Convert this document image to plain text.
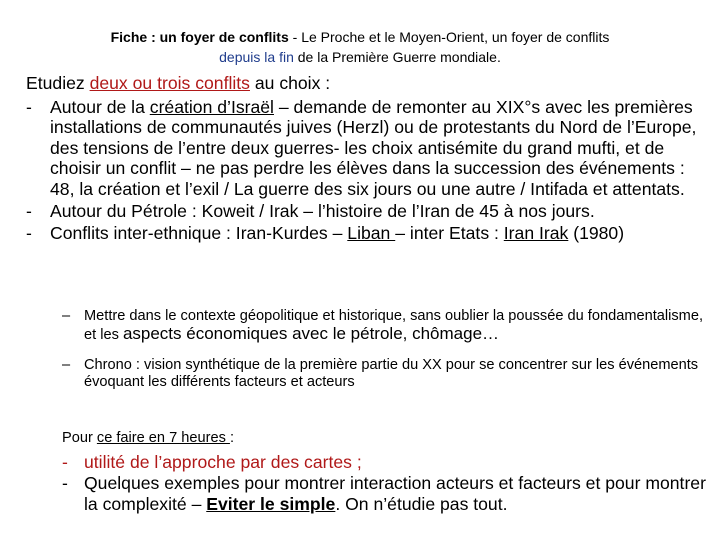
Fiche : un foyer de conflits - Le Proche et le Moyen-Orient, un foyer de conflits
depuis la fin de la Première Guerre mondiale.
Etudiez deux ou trois conflits au choix :
- Autour de la création d’Israël – demande de remonter au XIX°s avec les premières installations de communautés juives (Herzl) ou de protestants du Nord de l’Europe, des tensions de l’entre deux guerres- les choix antisémite du grand mufti, et de choisir un conflit – ne pas perdre les élèves dans la succession des événements : 48, la création et l’exil / La guerre des six jours ou une autre / Intifada et attentats.
- Autour du Pétrole : Koweit / Irak – l’histoire de l’Iran de 45 à nos jours.
- Conflits inter-ethnique : Iran-Kurdes – Liban – inter Etats : Iran Irak (1980)
– Mettre dans le contexte géopolitique et historique, sans oublier la poussée du fondamentalisme, et les aspects économiques avec le pétrole, chômage…
– Chrono : vision synthétique de la première partie du XX pour se concentrer sur les événements évoquant les différents facteurs et acteurs
Pour ce faire en 7 heures :
- utilité de l’approche par des cartes ;
- Quelques exemples pour montrer interaction acteurs et facteurs et pour montrer la complexité – Eviter le simple. On n’étudie pas tout.
